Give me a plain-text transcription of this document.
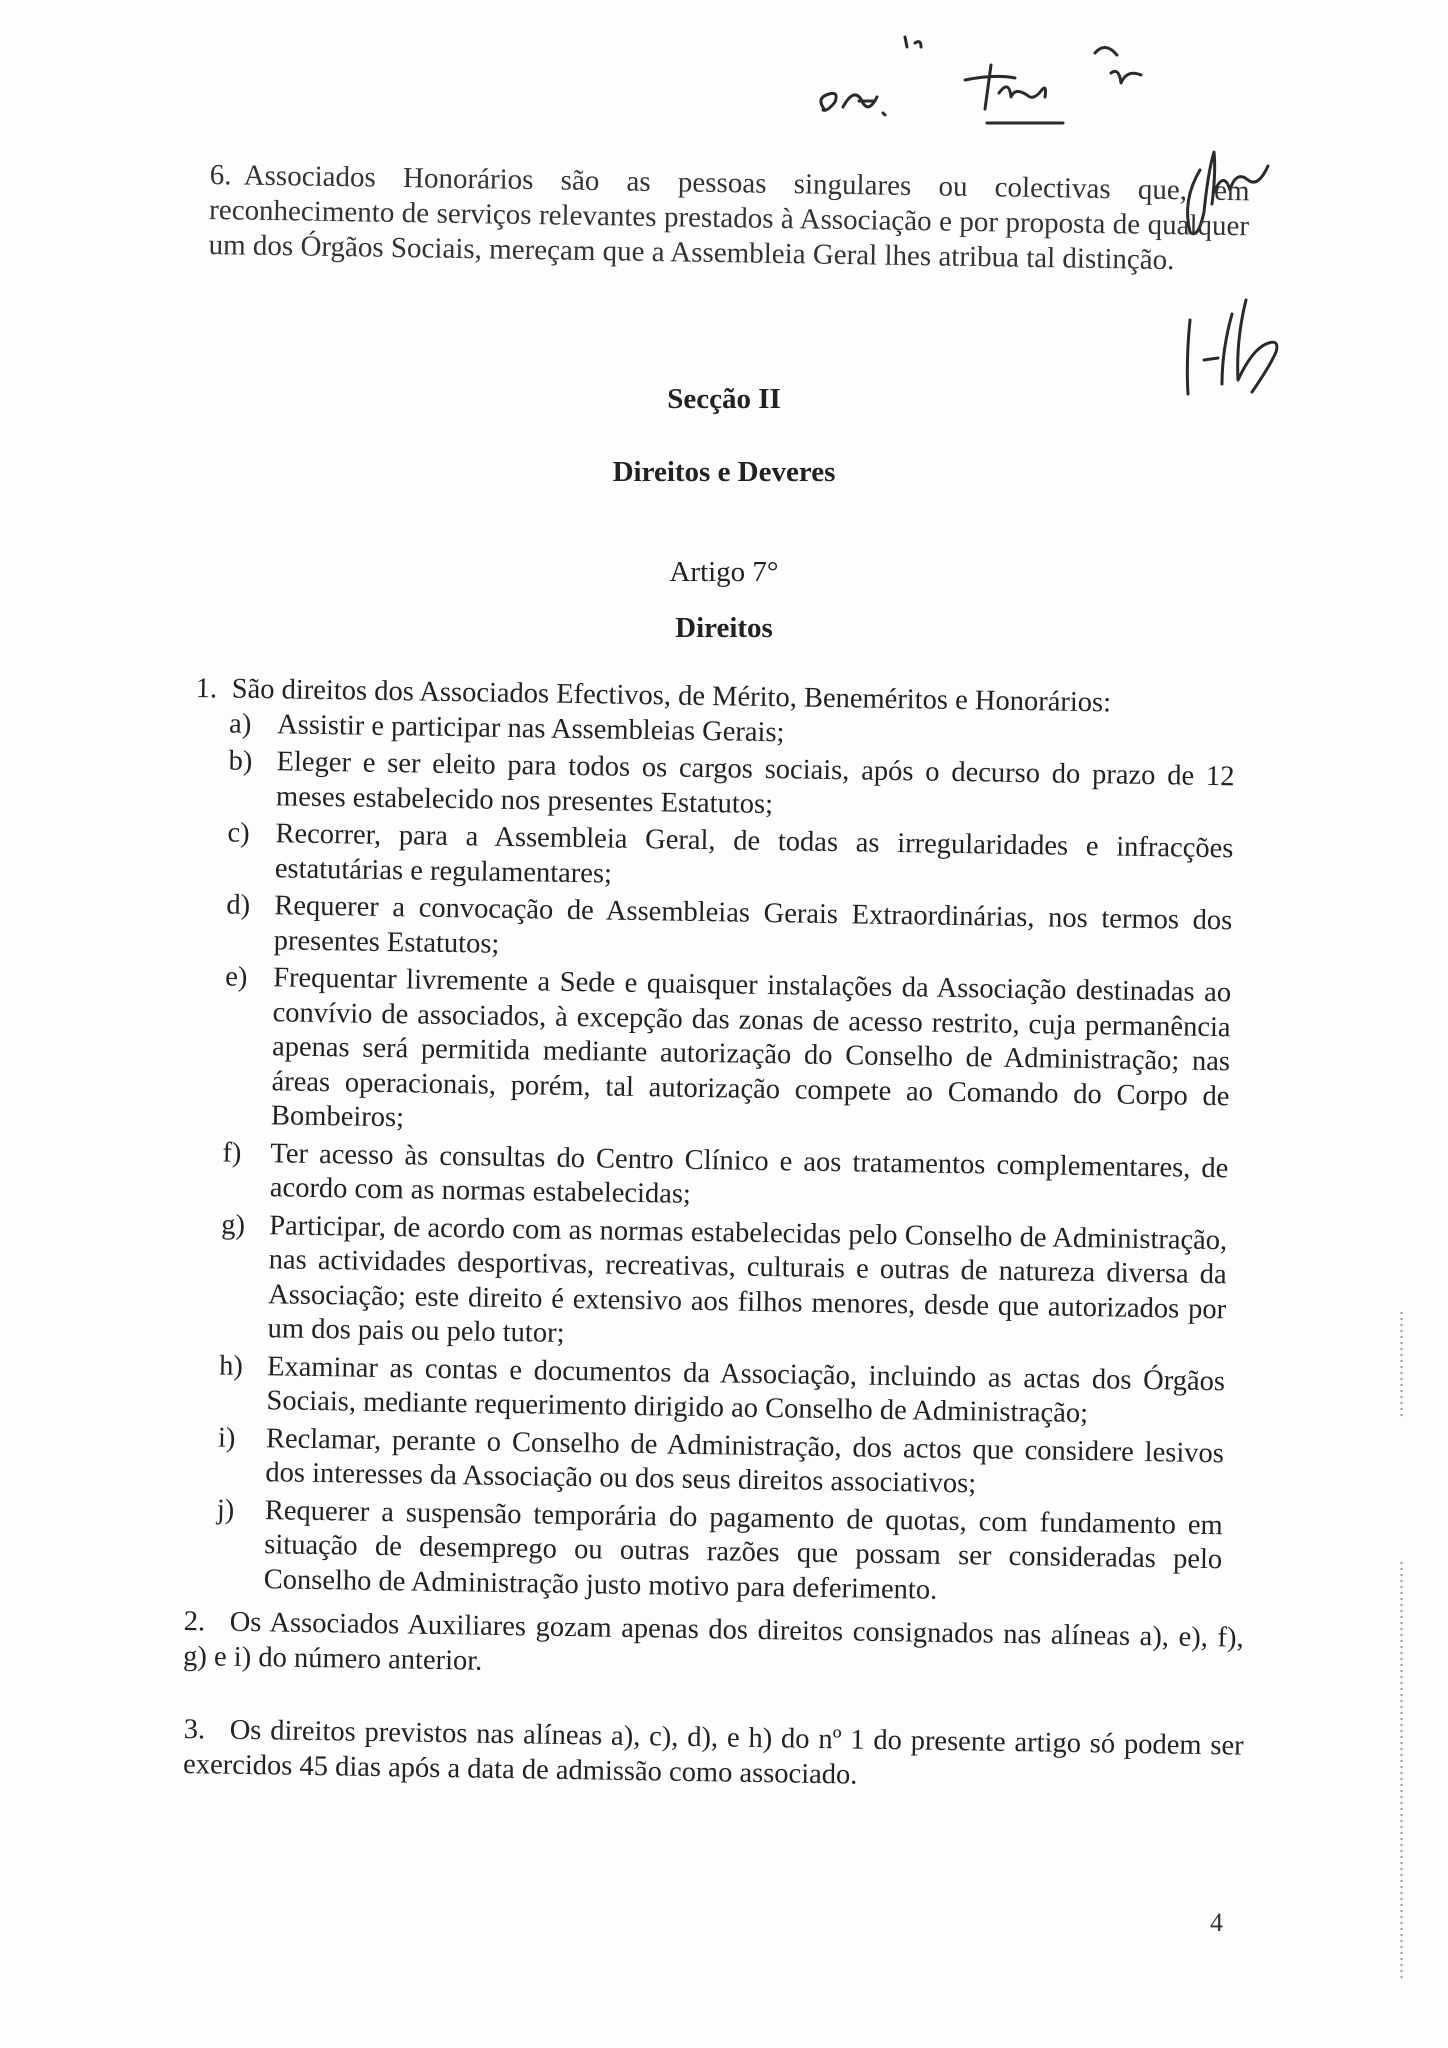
6. Associados Honorários são as pessoas singulares ou colectivas que, em reconhecimento de serviços relevantes prestados à Associação e por proposta de qualquer um dos Órgãos Sociais, mereçam que a Assembleia Geral lhes atribua tal distinção.
Secção II
Direitos e Deveres
Artigo 7°
Direitos
1. São direitos dos Associados Efectivos, de Mérito, Beneméritos e Honorários:
a) Assistir e participar nas Assembleias Gerais;
b) Eleger e ser eleito para todos os cargos sociais, após o decurso do prazo de 12 meses estabelecido nos presentes Estatutos;
c) Recorrer, para a Assembleia Geral, de todas as irregularidades e infracções estatutárias e regulamentares;
d) Requerer a convocação de Assembleias Gerais Extraordinárias, nos termos dos presentes Estatutos;
e) Frequentar livremente a Sede e quaisquer instalações da Associação destinadas ao convívio de associados, à excepção das zonas de acesso restrito, cuja permanência apenas será permitida mediante autorização do Conselho de Administração; nas áreas operacionais, porém, tal autorização compete ao Comando do Corpo de Bombeiros;
f) Ter acesso às consultas do Centro Clínico e aos tratamentos complementares, de acordo com as normas estabelecidas;
g) Participar, de acordo com as normas estabelecidas pelo Conselho de Administração, nas actividades desportivas, recreativas, culturais e outras de natureza diversa da Associação; este direito é extensivo aos filhos menores, desde que autorizados por um dos pais ou pelo tutor;
h) Examinar as contas e documentos da Associação, incluindo as actas dos Órgãos Sociais, mediante requerimento dirigido ao Conselho de Administração;
i) Reclamar, perante o Conselho de Administração, dos actos que considere lesivos dos interesses da Associação ou dos seus direitos associativos;
j) Requerer a suspensão temporária do pagamento de quotas, com fundamento em situação de desemprego ou outras razões que possam ser consideradas pelo Conselho de Administração justo motivo para deferimento.
2. Os Associados Auxiliares gozam apenas dos direitos consignados nas alíneas a), e), f), g) e i) do número anterior.
3. Os direitos previstos nas alíneas a), c), d), e h) do nº 1 do presente artigo só podem ser exercidos 45 dias após a data de admissão como associado.
4
